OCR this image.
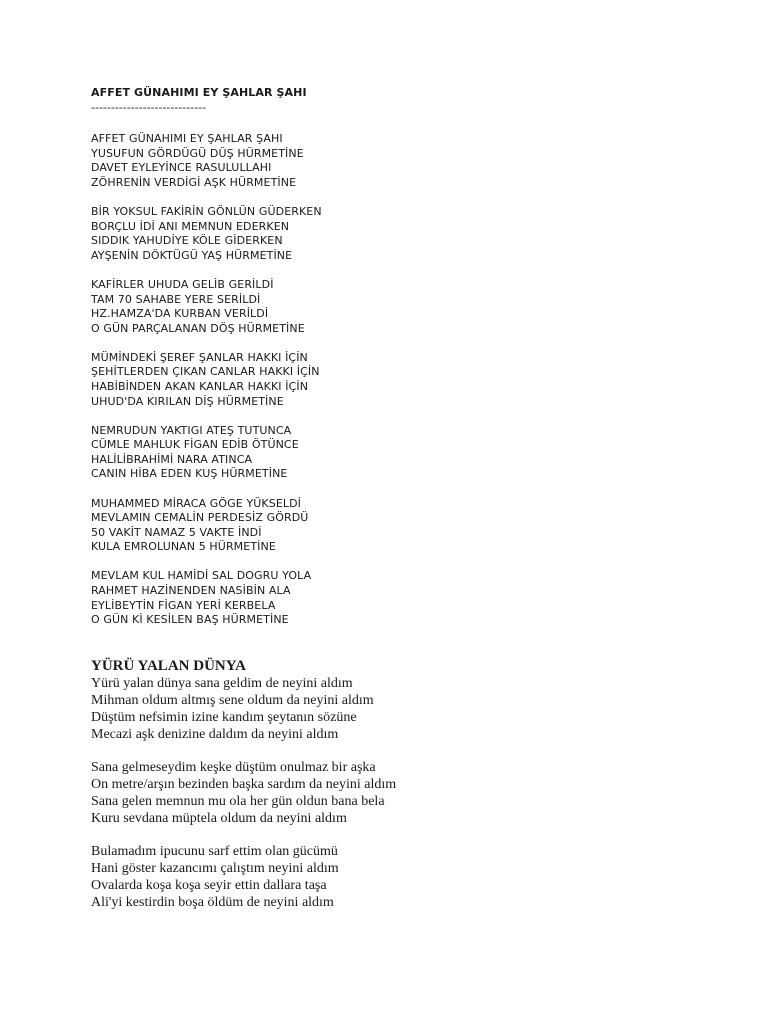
AFFET GÜNAHIMI EY ŞAHLAR ŞAHI
-----------------------------
AFFET GÜNAHIMI EY ŞAHLAR ŞAHI
YUSUFUN GÖRDÜGÜ DÜŞ HÜRMETİNE
DAVET EYLEYİNCE RASULULLAHI
ZÖHRENİN VERDİGİ AŞK HÜRMETİNE
BİR YOKSUL FAKİRİN GÖNLÜN GÜDERKEN
BORÇLU İDİ ANI MEMNUN EDERKEN
SIDDIK YAHUDİYE KÖLE GİDERKEN
AYŞENİN DÖKTÜGÜ YAŞ HÜRMETİNE
KAFİRLER UHUDA GELİB GERİLDİ
TAM 70 SAHABE YERE SERİLDİ
HZ.HAMZA'DA KURBAN VERİLDİ
O GÜN PARÇALANAN DÖŞ HÜRMETİNE
MÜMİNDEKİ ŞEREF ŞANLAR HAKKI İÇİN
ŞEHİTLERDEN ÇIKAN CANLAR HAKKI İÇİN
HABİBİNDEN AKAN KANLAR HAKKI İÇİN
UHUD'DA KIRILAN DİŞ HÜRMETİNE
NEMRUDUN YAKTIGI ATEŞ TUTUNCA
CÜMLE MAHLUK FİGAN EDİB ÖTÜNCE
HALİLİBRAHİMİ NARA ATINCA
CANIN HİBA EDEN KUŞ HÜRMETİNE
MUHAMMED MİRACA GÖGE YÜKSELDİ
MEVLAMIN CEMALİN PERDESİZ GÖRDÜ
50 VAKİT NAMAZ 5 VAKTE İNDİ
KULA EMROLUNAN 5 HÜRMETİNE
MEVLAM KUL HAMİDİ SAL DOGRU YOLA
RAHMET HAZİNENDEN NASİBİN ALA
EYLİBEYTİN FİGAN YERİ KERBELA
O GÜN Kİ KESİLEN BAŞ HÜRMETİNE
YÜRÜ YALAN DÜNYA
Yürü yalan dünya sana geldim de neyini aldım
Mihman oldum altmış sene oldum da neyini aldım
Düştüm nefsimin izine kandım şeytanın sözüne
Mecazi aşk denizine daldım da neyini aldım
Sana gelmeseydim keşke düştüm onulmaz bir aşka
On metre/arşın bezinden başka sardım da neyini aldım
Sana gelen memnun mu ola her gün oldun bana bela
Kuru sevdana müptela oldum da neyini aldım
Bulamadım ipucunu sarf ettim olan gücümü
Hani göster kazancımı çalıştım neyini aldım
Ovalarda koşa koşa seyir ettin dallara taşa
Ali'yi kestirdin boşa öldüm de neyini aldım
